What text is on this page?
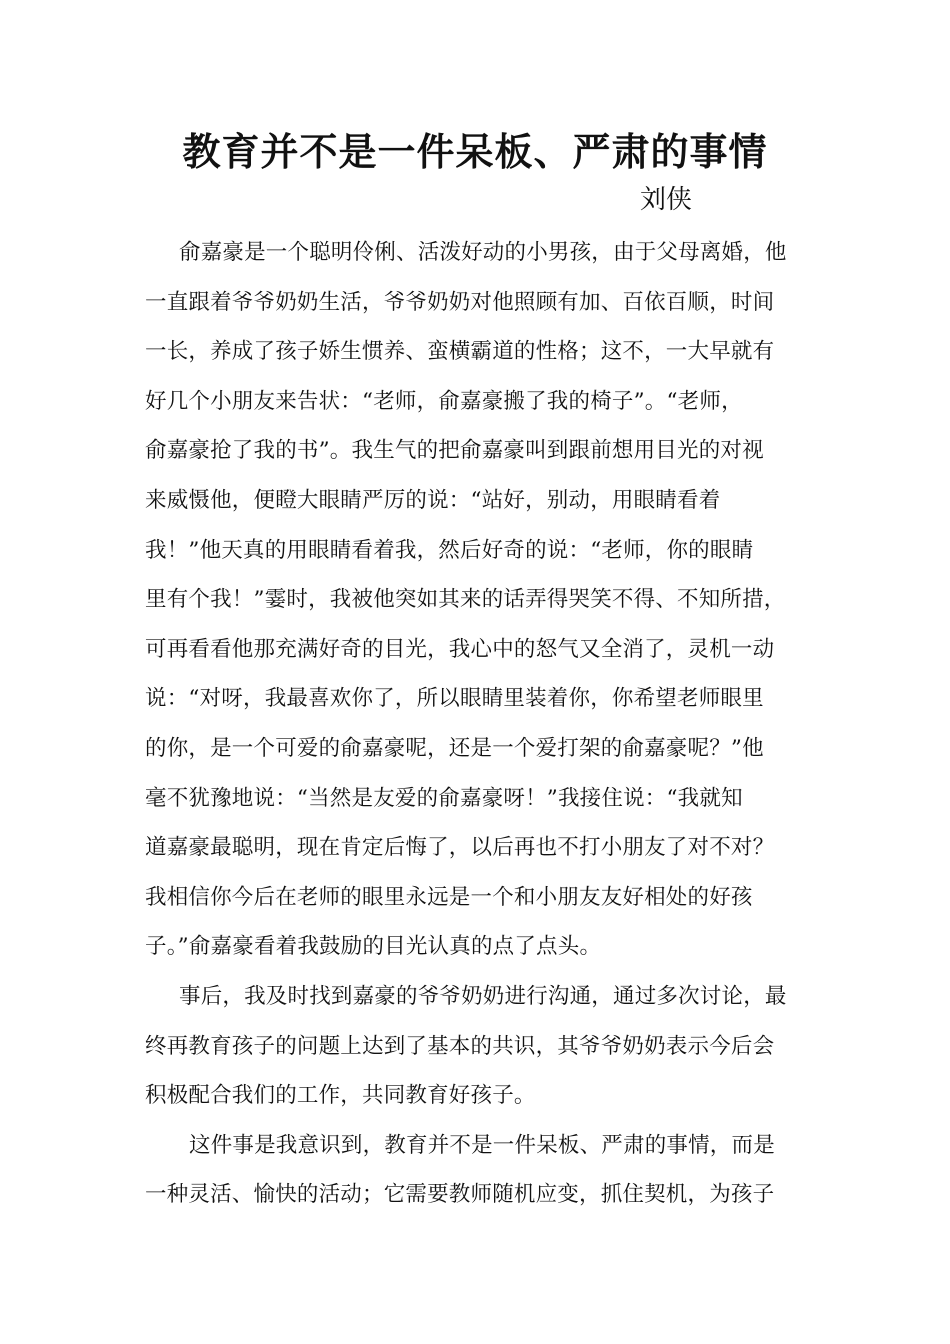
教育并不是一件呆板、严肃的事情
刘侠
俞嘉豪是一个聪明伶俐、活泼好动的小男孩，由于父母离婚，他
一直跟着爷爷奶奶生活，爷爷奶奶对他照顾有加、百依百顺，时间
一长，养成了孩子娇生惯养、蛮横霸道的性格；这不，一大早就有
好几个小朋友来告状：“老师，俞嘉豪搬了我的椅子”。“老师，
俞嘉豪抢了我的书”。我生气的把俞嘉豪叫到跟前想用目光的对视
来威慑他，便瞪大眼睛严厉的说：“站好，别动，用眼睛看着
我！”他天真的用眼睛看着我，然后好奇的说：“老师，你的眼睛
里有个我！”霎时，我被他突如其来的话弄得哭笑不得、不知所措，
可再看看他那充满好奇的目光，我心中的怒气又全消了，灵机一动
说：“对呀，我最喜欢你了，所以眼睛里装着你，你希望老师眼里
的你，是一个可爱的俞嘉豪呢，还是一个爱打架的俞嘉豪呢？”他
毫不犹豫地说：“当然是友爱的俞嘉豪呀！”我接住说：“我就知
道嘉豪最聪明，现在肯定后悔了，以后再也不打小朋友了对不对？
我相信你今后在老师的眼里永远是一个和小朋友友好相处的好孩
子。”俞嘉豪看着我鼓励的目光认真的点了点头。
事后，我及时找到嘉豪的爷爷奶奶进行沟通，通过多次讨论，最
终再教育孩子的问题上达到了基本的共识，其爷爷奶奶表示今后会
积极配合我们的工作，共同教育好孩子。
这件事是我意识到，教育并不是一件呆板、严肃的事情，而是
一种灵活、愉快的活动；它需要教师随机应变，抓住契机，为孩子
